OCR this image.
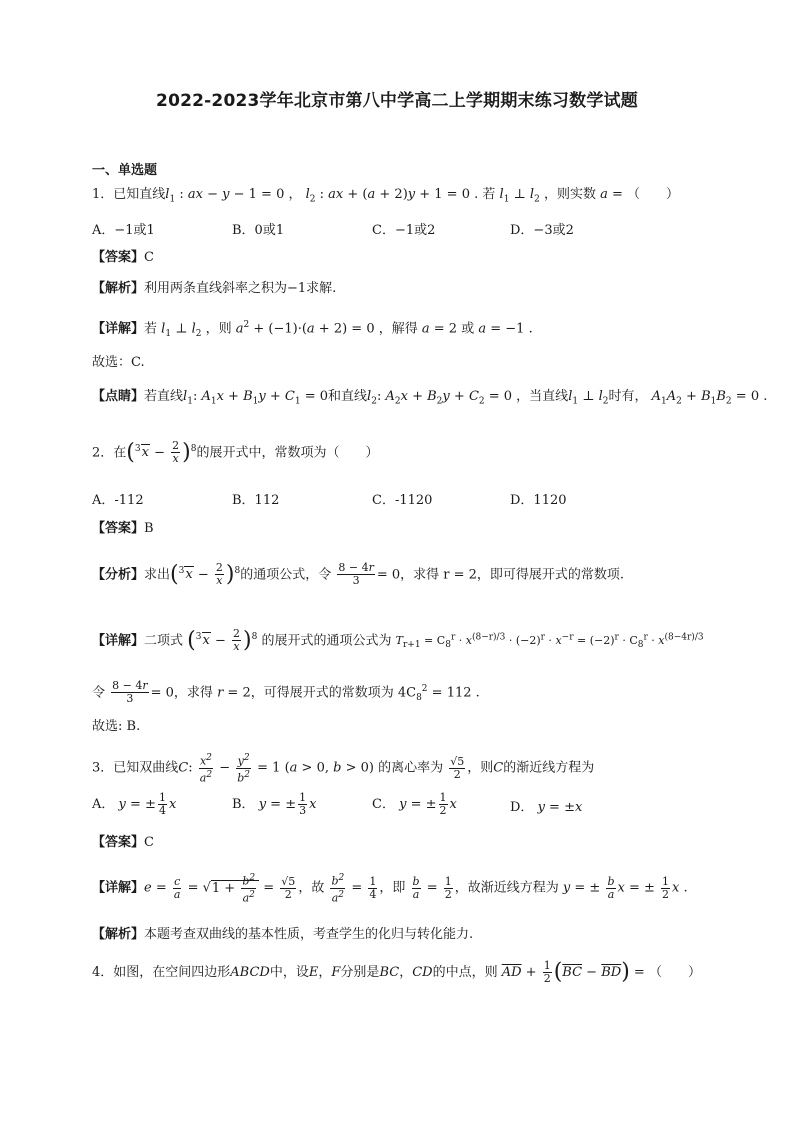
2022-2023学年北京市第八中学高二上学期期末练习数学试题
一、单选题
1．已知直线$l_1$ : ax − y − 1 = 0 ， $l_2$ : ax + (a + 2)y + 1 = 0 . 若 $l_1$ ⊥ $l_2$ ，则实数 a = （　　）
A．−1或1	B．0或1	C．−1或2	D．−3或2
【答案】C
【解析】利用两条直线斜率之积为−1求解.
【详解】若 $l_1$ ⊥ $l_2$ ，则 $a^2 + (-1)\cdot(a + 2) = 0$ ，解得 a = 2 或 a = −1 .
故选：C.
【点睛】若直线$l_1$: $A_1x + B_1y + C_1 = 0$和直线$l_2$: $A_2x + B_2y + C_2 = 0$ ，当直线$l_1$ ⊥ $l_2$时有， $A_1A_2 + B_1B_2 = 0$ .
2．在$(^3x - \frac{2}{x} )^8$的展开式中，常数项为（　　）
A．-112	B．112	C．-1120	D．1120
【答案】B
【分析】求出$(^3x - \frac{2}{x} )^8$的通项公式，令 $\frac{8 - 4r}{3} = 0$，求得 r = 2，即可得展开式的常数项.
【详解】二项式 $(^3x - \frac{2}{x} )^8$ 的展开式的通项公式为 $T_{r+1} = C_8^r \cdot x^{(8-r)/3} \cdot (-2)^r \cdot x^{-r} = (-2)^r \cdot C_8^r \cdot x^{(8-4r)/3}$
令 $\frac{8 - 4r}{3} = 0$，求得 r = 2，可得展开式的常数项为 $4C_8^2 = 112$ .
故选: B.
3．已知双曲线C: $\frac{x^2}{a^2} - \frac{y^2}{b^2} = 1$ (a > 0, b > 0) 的离心率为 $\frac{√5}{2}$ ，则C的渐近线方程为
A． y = ± $\frac{1}{4}$ x	B． y = ± $\frac{1}{3}$ x	C． y = ± $\frac{1}{2}$ x	D． y = ±x
【答案】C
【详解】$e = \frac{c}{a} = √1 + \frac{b^2}{a^2} = \frac{√5}{2}$ ，故 $\frac{b^2}{a^2} = \frac{1}{4}$ ，即 $\frac{b}{a} = \frac{1}{2}$ ，故渐近线方程为 y = ± $\frac{b}{a}$ x = ± $\frac{1}{2}$ x .
【解析】本题考查双曲线的基本性质，考查学生的化归与转化能力.
4．如图，在空间四边形ABCD中，设E，F分别是BC，CD的中点，则 $\overline{AD} + \frac{1}{2} (\overline{BC} - \overline{BD})$ = （　　）
